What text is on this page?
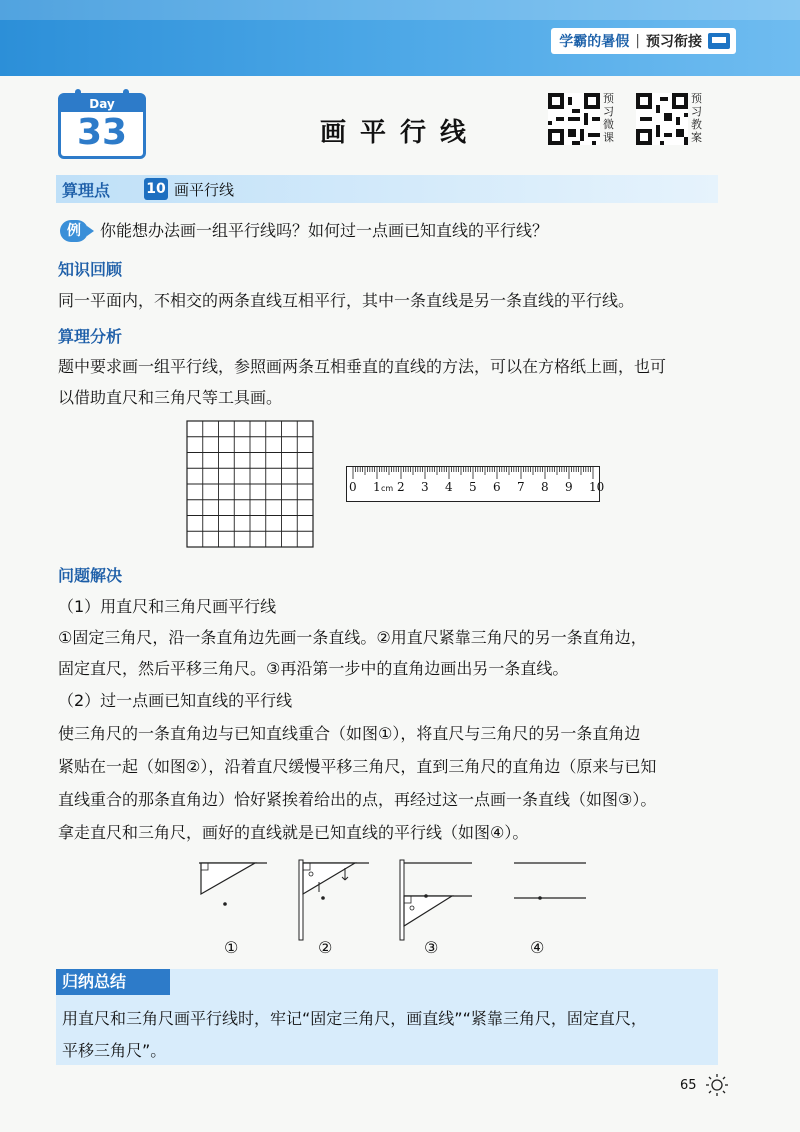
学霸的暑假 | 预习衔接
Day
33	画平行线
预习微课
预习教案
算理点	10 画平行线
例	你能想办法画一组平行线吗？如何过一点画已知直线的平行线？
知识回顾
同一平面内，不相交的两条直线互相平行，其中一条直线是另一条直线的平行线。
算理分析
题中要求画一组平行线，参照画两条互相垂直的直线的方法，可以在方格纸上画，也可
以借助直尺和三角尺等工具画。
0 1 cm 2 3 4 5 6 7 8 9 10
问题解决
（1）用直尺和三角尺画平行线
①固定三角尺，沿一条直角边先画一条直线。②用直尺紧靠三角尺的另一条直角边，
固定直尺，然后平移三角尺。③再沿第一步中的直角边画出另一条直线。
（2）过一点画已知直线的平行线
使三角尺的一条直角边与已知直线重合（如图①），将直尺与三角尺的另一条直角边
紧贴在一起（如图②），沿着直尺缓慢平移三角尺，直到三角尺的直角边（原来与已知
直线重合的那条直角边）恰好紧挨着给出的点，再经过这一点画一条直线（如图③）。
拿走直尺和三角尺，画好的直线就是已知直线的平行线（如图④）。
①	②	③	④
归纳总结
用直尺和三角尺画平行线时，牢记“固定三角尺，画直线”“紧靠三角尺，固定直尺，
平移三角尺”。
65
